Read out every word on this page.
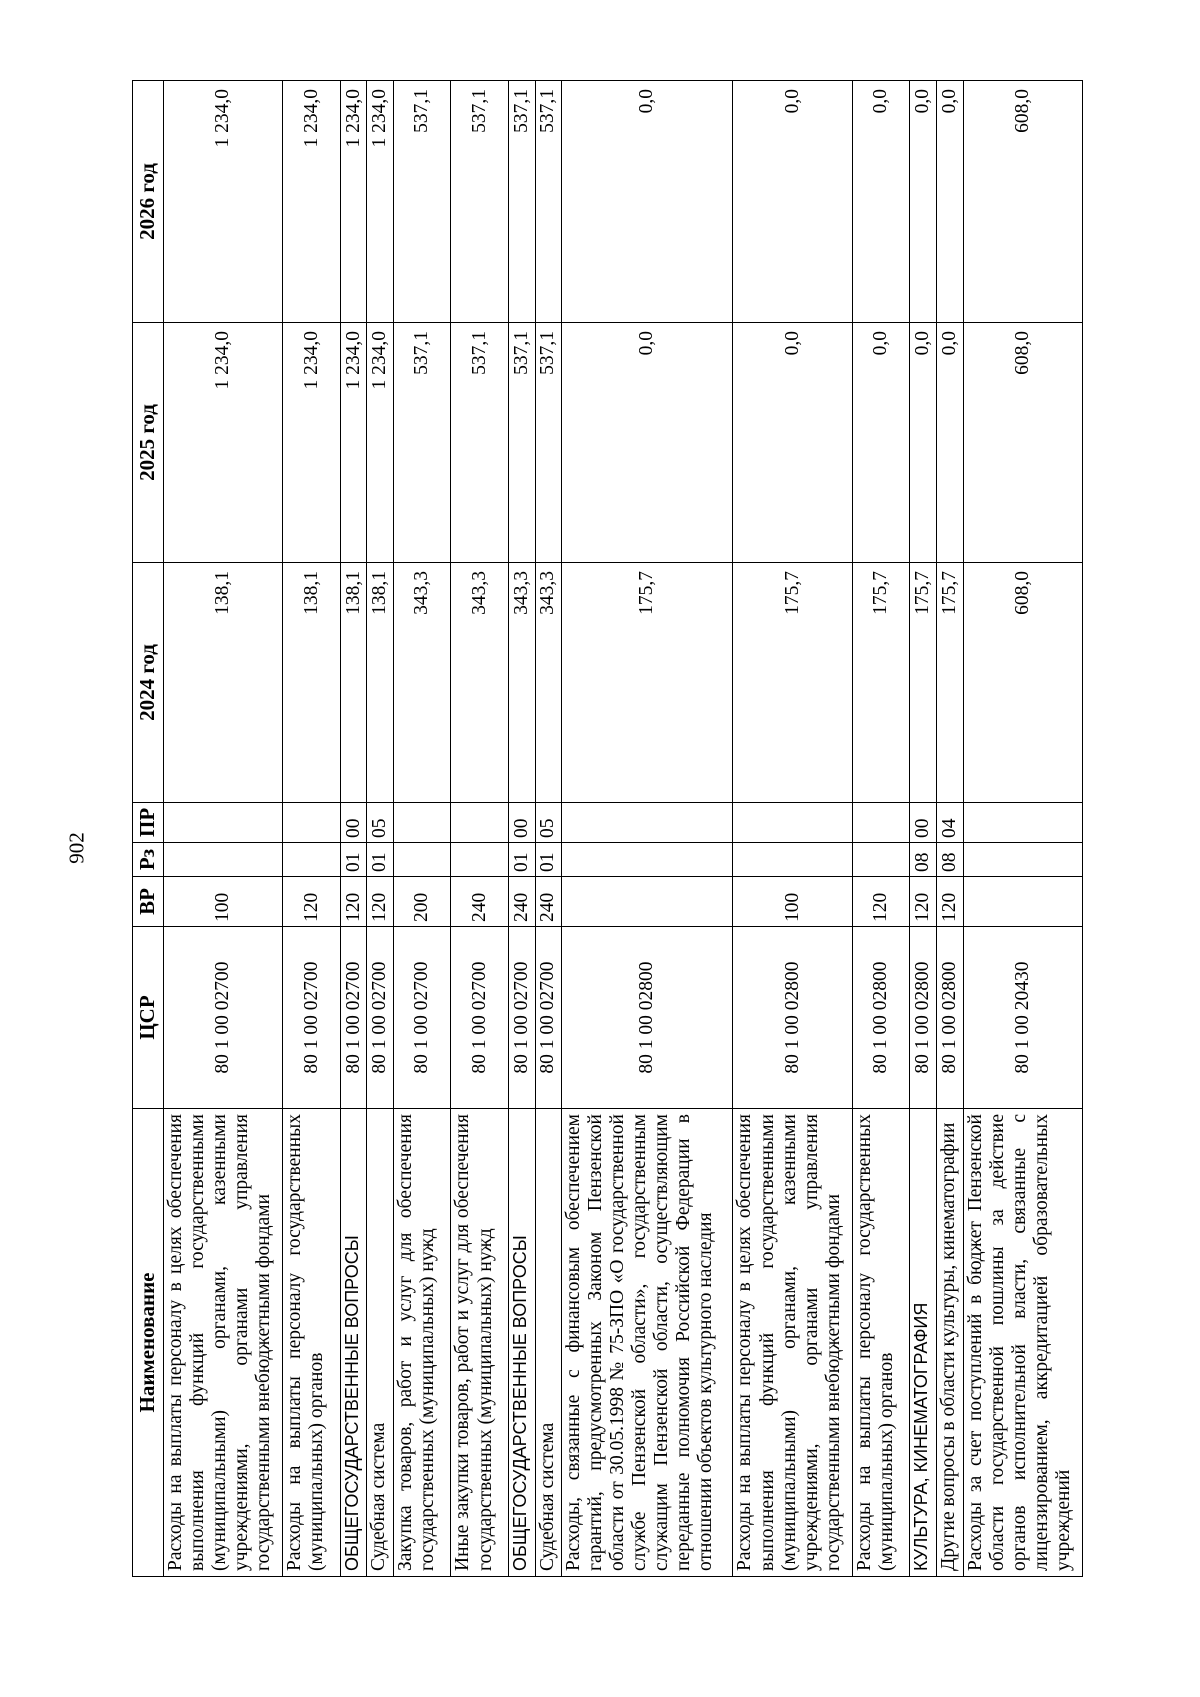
902
Наименование	ЦСР	ВР	Рз	ПР	2024 год	2025 год	2026 год
Расходы на выплаты персоналу в целях обеспечения выполнения функций государственными (муниципальными) органами, казенными учреждениями, органами управления государственными внебюджетными фондами	80 1 00 02700	100			138,1	1 234,0	1 234,0
Расходы на выплаты персоналу государственных (муниципальных) органов	80 1 00 02700	120			138,1	1 234,0	1 234,0
ОБЩЕГОСУДАРСТВЕННЫЕ ВОПРОСЫ	80 1 00 02700	120	01	00	138,1	1 234,0	1 234,0
Судебная система	80 1 00 02700	120	01	05	138,1	1 234,0	1 234,0
Закупка товаров, работ и услуг для обеспечения государственных (муниципальных) нужд	80 1 00 02700	200			343,3	537,1	537,1
Иные закупки товаров, работ и услуг для обеспечения государственных (муниципальных) нужд	80 1 00 02700	240			343,3	537,1	537,1
ОБЩЕГОСУДАРСТВЕННЫЕ ВОПРОСЫ	80 1 00 02700	240	01	00	343,3	537,1	537,1
Судебная система	80 1 00 02700	240	01	05	343,3	537,1	537,1
Расходы, связанные с финансовым обеспечением гарантий, предусмотренных Законом Пензенской области от 30.05.1998 № 75-ЗПО «О государственной службе Пензенской области», государственным служащим Пензенской области, осуществляющим переданные полномочия Российской Федерации в отношении объектов культурного наследия	80 1 00 02800				175,7	0,0	0,0
Расходы на выплаты персоналу в целях обеспечения выполнения функций государственными (муниципальными) органами, казенными учреждениями, органами управления государственными внебюджетными фондами	80 1 00 02800	100			175,7	0,0	0,0
Расходы на выплаты персоналу государственных (муниципальных) органов	80 1 00 02800	120			175,7	0,0	0,0
КУЛЬТУРА, КИНЕМАТОГРАФИЯ	80 1 00 02800	120	08	00	175,7	0,0	0,0
Другие вопросы в области культуры, кинематографии	80 1 00 02800	120	08	04	175,7	0,0	0,0
Расходы за счет поступлений в бюджет Пензенской области государственной пошлины за действие органов исполнительной власти, связанные с лицензированием, аккредитацией образовательных учреждений	80 1 00 20430				608,0	608,0	608,0
